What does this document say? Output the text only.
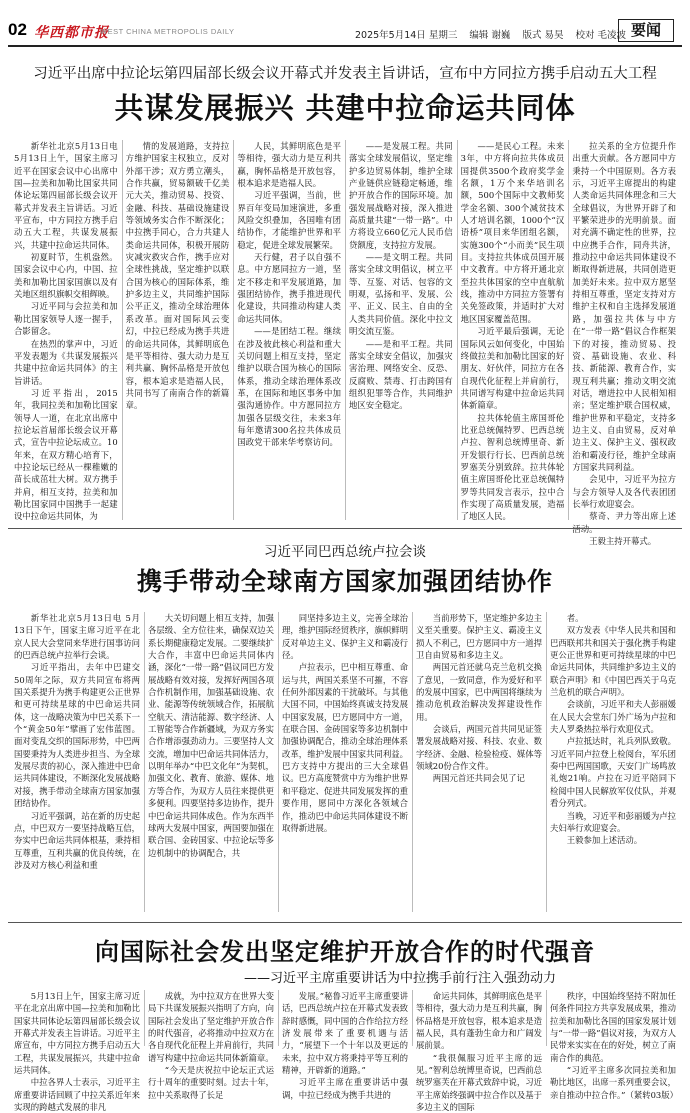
02 华西都市报
WEST CHINA METROPOLIS DAILY	2025年5月14日 星期三 编辑 谢巍 版式 易昊 校对 毛凌波 要闻
习近平出席中拉论坛第四届部长级会议开幕式并发表主旨讲话，宣布中方同拉方携手启动五大工程
共谋发展振兴 共建中拉命运共同体

新华社北京5月13日电 5月13日上午，国家主席习近平在国家会议中心出席中国—拉美和加勒比国家共同体论坛第四届部长级会议开幕式并发表主旨讲话。习近平宣布，中方同拉方携手启动五大工程，共谋发展振兴，共建中拉命运共同体。

初夏时节，生机盎然。国家会议中心内，中国、拉美和加勒比国家国旗以及有关地区组织旗帜交相辉映。

习近平同与会拉美和加勒比国家领导人逐一握手，合影留念。

在热烈的掌声中，习近平发表题为《共谋发展振兴 共建中拉命运共同体》的主旨讲话。

习近平指出，2015年，我同拉美和加勒比国家领导人一道，在北京出席中拉论坛首届部长级会议开幕式，宣告中拉论坛成立。10年来，在双方精心培育下，中拉论坛已经从一棵稚嫩的苗长成茁壮大树。双方携手并肩，相互支持，拉美和加勒比国家同中国携手一起建设中拉命运共同体，为

情的发展道路，支持拉方维护国家主权独立，反对外部干涉；双方勇立潮头，合作共赢，贸易额破千亿美元大关，推动贸易、投资、金融、科技、基础设施建设等领域务实合作不断深化；中拉携手同心，合力共建人类命运共同体，积极开展防灾减灾救灾合作，携手应对全球性挑战，坚定维护以联合国为核心的国际体系，维护多边主义，共同维护国际公平正义，推动全球治理体系改革。面对国际风云变幻，中拉已经成为携手共进的命运共同体，其鲜明底色是平等相待、强大动力是互利共赢、胸怀品格是开放包容，根本追求是造福人民，共同书写了南南合作的新篇章。

人民，其鲜明底色是平等相待，强大动力是互利共赢，胸怀品格是开放包容，根本追求是造福人民。

习近平强调，当前，世界百年变局加速演进，多重风险交织叠加，各国唯有团结协作，才能维护世界和平稳定，促进全球发展繁荣。

天行健，君子以自强不息。中方愿同拉方一道，坚定不移走和平发展道路，加强团结协作，携手推进现代化建设，共同推动构建人类命运共同体。

——是团结工程。继续在涉及彼此核心利益和重大关切问题上相互支持，坚定维护以联合国为核心的国际体系，推动全球治理体系改革，在国际和地区事务中加强沟通协作。中方愿同拉方加强各层级交往，未来3年每年邀请300名拉共体成员国政党干部来华考察访问。

——是发展工程。共同落实全球发展倡议，坚定维护多边贸易体制，维护全球产业链供应链稳定畅通，维护开放合作的国际环境。加强发展战略对接，深入推进高质量共建“一带一路”。中方将设立660亿元人民币信贷额度，支持拉方发展。

——是文明工程。共同落实全球文明倡议，树立平等、互鉴、对话、包容的文明观，弘扬和平、发展、公平、正义、民主、自由的全人类共同价值。深化中拉文明交流互鉴。

——是和平工程。共同落实全球安全倡议，加强灾害治理、网络安全、反恐、反腐败、禁毒、打击跨国有组织犯罪等合作，共同维护地区安全稳定。

——是民心工程。未来3年，中方将向拉共体成员国提供3500个政府奖学金名额，1万个来华培训名额，500个国际中文教师奖学金名额、300个减贫技术人才培训名额，1000个“汉语桥”项目来华团组名额，实施300个“小而美”民生项目。支持拉共体成员国开展中文教育。中方将开通北京至拉共体国家的空中直航航线，推动中方同拉方签署有关免签政策，并适时扩大对地区国家覆盖范围。

习近平最后强调，无论国际风云如何变化，中国始终做拉美和加勒比国家的好朋友、好伙伴，同拉方在各自现代化征程上并肩前行，共同谱写构建中拉命运共同体新篇章。

拉共体轮值主席国哥伦比亚总统佩特罗、巴西总统卢拉、智利总统博里奇、新开发银行行长、巴西前总统罗塞芙分别致辞。拉共体轮值主席国哥伦比亚总统佩特罗等共同发言表示，拉中合作实现了高质量发展，造福了地区人民。

拉关系的全方位提升作出重大贡献。各方愿同中方秉持一个中国原则。各方表示，习近平主席提出的构建人类命运共同体理念和三大全球倡议，为世界开辟了和平繁荣进步的光明前景。面对充满不确定性的世界，拉中应携手合作，同舟共济，推动拉中命运共同体建设不断取得新进展，共同创造更加美好未来。拉中双方愿坚持相互尊重，坚定支持对方维护主权和自主选择发展道路，加强拉共体与中方在“一带一路”倡议合作框架下的对接，推动贸易、投资、基础设施、农业、科技、新能源、教育合作，实现互利共赢；推动文明交流对话，增进拉中人民相知相亲；坚定维护联合国权威，维护世界和平稳定，支持多边主义、自由贸易，反对单边主义、保护主义、强权政治和霸凌行径，维护全球南方国家共同利益。

会见中，习近平为拉方与会方领导人及各代表团团长举行欢迎宴会。

蔡奇、尹力等出席上述

王毅主持开幕式。

习近平同巴西总统卢拉会谈
携手带动全球南方国家加强团结协作

新华社北京5月13日电 5月13日下午，国家主席习近平在北京人民大会堂同来华进行国事访问的巴西总统卢拉举行会谈。

习近平指出，去年中巴建交50周年之际，双方共同宣布将两国关系提升为携手构建更公正世界和更可持续星球的中巴命运共同体，这一战略决策为中巴关系下一个“黄金50年”擘画了宏伟蓝图。面对变乱交织的国际形势，中巴两国要秉持为人类进步担当、为全球发展尽责的初心，深入推进中巴命运共同体建设，不断深化发展战略对接，携手带动全球南方国家加强团结协作。

习近平强调，站在新的历史起点，中巴双方一要坚持战略互信，夯实中巴命运共同体根基，秉持相互尊重，互利共赢的优良传统，在涉及对方核心利益和重

大关切问题上相互支持，加强各层级、全方位往来，确保双边关系长期健康稳定发展。二要继续扩大合作，丰富中巴命运共同体内涵，深化“一带一路”倡议同巴方发展战略有效对接，发挥好两国各项合作机制作用，加强基础设施、农业、能源等传统领域合作，拓展航空航天、清洁能源、数字经济、人工智能等合作新疆域，为双方务实合作增添强劲动力。三要坚持人文交流，增加中巴命运共同体活力，以明年举办“中巴文化年”为契机，加强文化、教育、旅游、媒体、地方等合作，为双方人员往来提供更多便利。四要坚持多边协作，提升中巴命运共同体成色。作为东西半球两大发展中国家，两国要加强在联合国、金砖国家、中拉论坛等多边机制中的协调配合，共

同坚持多边主义，完善全球治理，维护国际经贸秩序，旗帜鲜明反对单边主义、保护主义和霸凌行径。

卢拉表示，巴中相互尊重、命运与共，两国关系坚不可摧，不容任何外部因素的干扰破坏。与其他大国不同，中国始终真诚支持发展中国家发展，巴方愿同中方一道，在联合国、金砖国家等多边机制中加强协调配合，推动全球治理体系改革，维护发展中国家共同利益。巴方支持中方提出的三大全球倡议。巴方高度赞赏中方为维护世界和平稳定、促进共同发展发挥的重要作用，愿同中方深化各领域合作，推动巴中命运共同体建设不断取得新进展。

当前形势下，坚定维护多边主义至关重要。保护主义、霸凌主义损人不利己，巴方愿同中方一道捍卫自由贸易和多边主义。

两国元首还就乌克兰危机交换了意见，一致同意，作为爱好和平的发展中国家，巴中两国将继续为推动危机政治解决发挥建设性作用。

会谈后，两国元首共同见证签署发展战略对接、科技、农业、数字经济、金融、检验检疫、媒体等领域20份合作文件。

两国元首还共同会见了记

者。

双方发表《中华人民共和国和巴西联邦共和国关于强化携手构建更公正世界和更可持续星球的中巴命运共同体，共同维护多边主义的联合声明》和《中国巴西关于乌克兰危机的联合声明》。

会谈前，习近平和夫人彭丽媛在人民大会堂东门外广场为卢拉和夫人罗桑热拉举行欢迎仪式。

卢拉抵达时，礼兵列队致敬。习近平同卢拉登上检阅台，军乐团奏中巴两国国歌，天安门广场鸣放礼炮21响。卢拉在习近平陪同下检阅中国人民解放军仪仗队，并观看分列式。

当晚，习近平和彭丽媛为卢拉夫妇举行欢迎宴会。

王毅参加上述活动。

向国际社会发出坚定维护开放合作的时代强音
——习近平主席重要讲话为中拉携手前行注入强劲动力

5月13日上午，国家主席习近平在北京出席中国—拉美和加勒比国家共同体论坛第四届部长级会议开幕式并发表主旨讲话。习近平主席宣布，中方同拉方携手启动五大工程，共谋发展振兴，共建中拉命运共同体。

中拉各界人士表示，习近平主席重要讲话回顾了中拉关系近年来实现的跨越式发展的非凡

成就，为中拉双方在世界大变局下共谋发展振兴指明了方向，向国际社会发出了坚定维护开放合作的时代强音，必将推动中拉双方在各自现代化征程上并肩前行，共同谱写构建中拉命运共同体新篇章。

“今天是庆祝拉中论坛正式运行十周年的重要时刻。过去十年，拉中关系取得了长足

发展。”秘鲁习近平主席重要讲话，巴西总统卢拉在开幕式发表致辞时感慨，同中国的合作给拉方经济发展带来了重要机遇与活力，“展望下一个十年以及更远的未来，拉中双方将秉持平等互利的精神，开辟新的道路。”

习近平主席在重要讲话中强调，中拉已经成为携手共进的

命运共同体，其鲜明底色是平等相待，强大动力是互利共赢，胸怀品格是开放包容，根本追求是造福人民，具有蓬勃生命力和广阔发展前景。

“我很佩服习近平主席的远见。”智利总统博里奇说，巴西前总统罗塞芙在开幕式致辞中说，习近平主席始终强调中拉合作以及基于多边主义的国际

秩序，中国始终坚持不附加任何条件同拉方共享发展成果，推动拉美和加勒比各国的国家发展计划与“一带一路”倡议对接，为双方人民带来实实在在的好处，树立了南南合作的典范。

“习近平主席多次同拉美和加勒比地区，出席一系列重要会议，亲自推动中拉合作。”（紧转03版）
